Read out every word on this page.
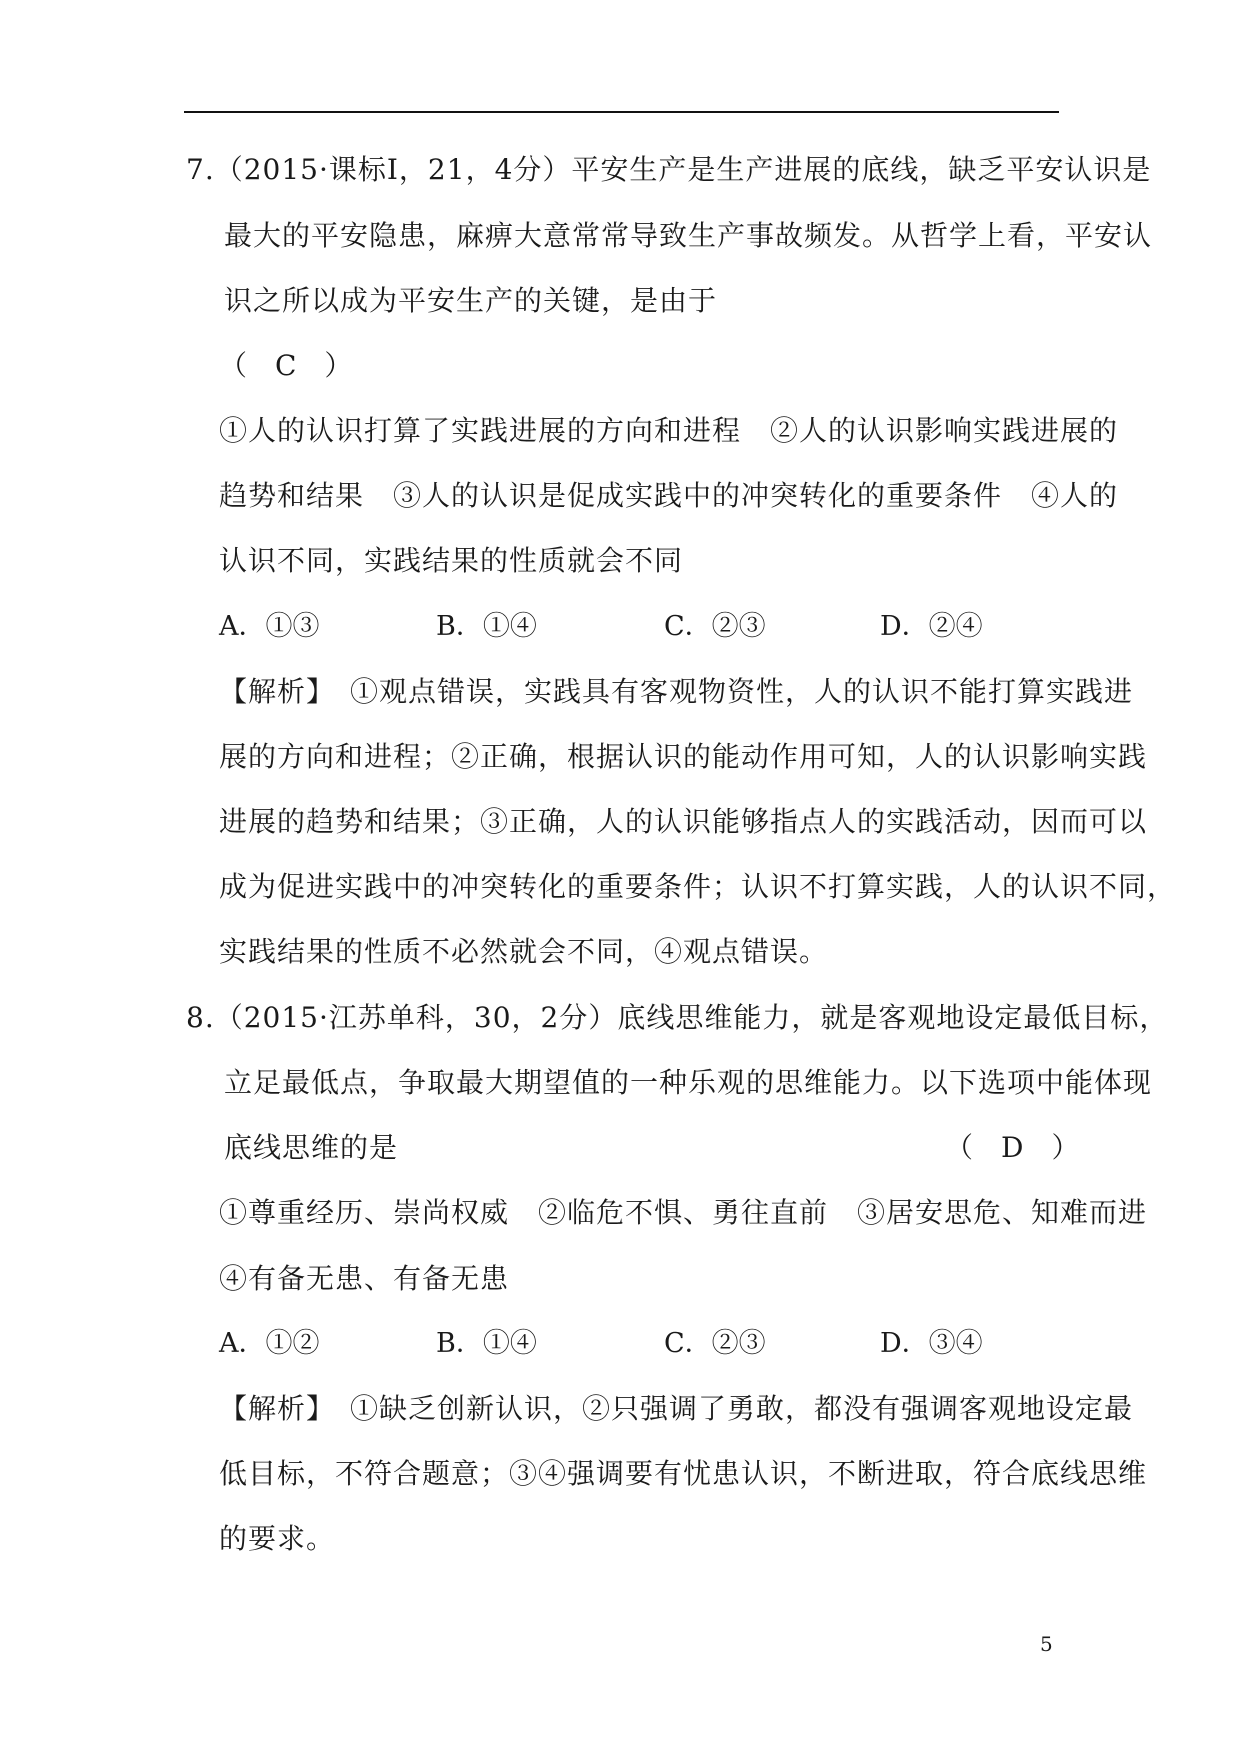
7.（2015·课标Ⅰ，21，4分）平安生产是生产进展的底线，缺乏平安认识是
最大的平安隐患，麻痹大意常常导致生产事故频发。从哲学上看，平安认
识之所以成为平安生产的关键，是由于
（　C　）
①人的认识打算了实践进展的方向和进程　②人的认识影响实践进展的
趋势和结果　③人的认识是促成实践中的冲突转化的重要条件　④人的
认识不同，实践结果的性质就会不同
A．①③	B．①④	C．②③	D．②④
【解析】　①观点错误，实践具有客观物资性，人的认识不能打算实践进
展的方向和进程；②正确，根据认识的能动作用可知，人的认识影响实践
进展的趋势和结果；③正确，人的认识能够指点人的实践活动，因而可以
成为促进实践中的冲突转化的重要条件；认识不打算实践，人的认识不同，
实践结果的性质不必然就会不同，④观点错误。
8.（2015·江苏单科，30，2分）底线思维能力，就是客观地设定最低目标，
立足最低点，争取最大期望值的一种乐观的思维能力。以下选项中能体现
底线思维的是	（　D　）
①尊重经历、崇尚权威　②临危不惧、勇往直前　③居安思危、知难而进
④有备无患、有备无患
A．①②	B．①④	C．②③	D．③④
【解析】　①缺乏创新认识，②只强调了勇敢，都没有强调客观地设定最
低目标，不符合题意；③④强调要有忧患认识，不断进取，符合底线思维
的要求。
5
